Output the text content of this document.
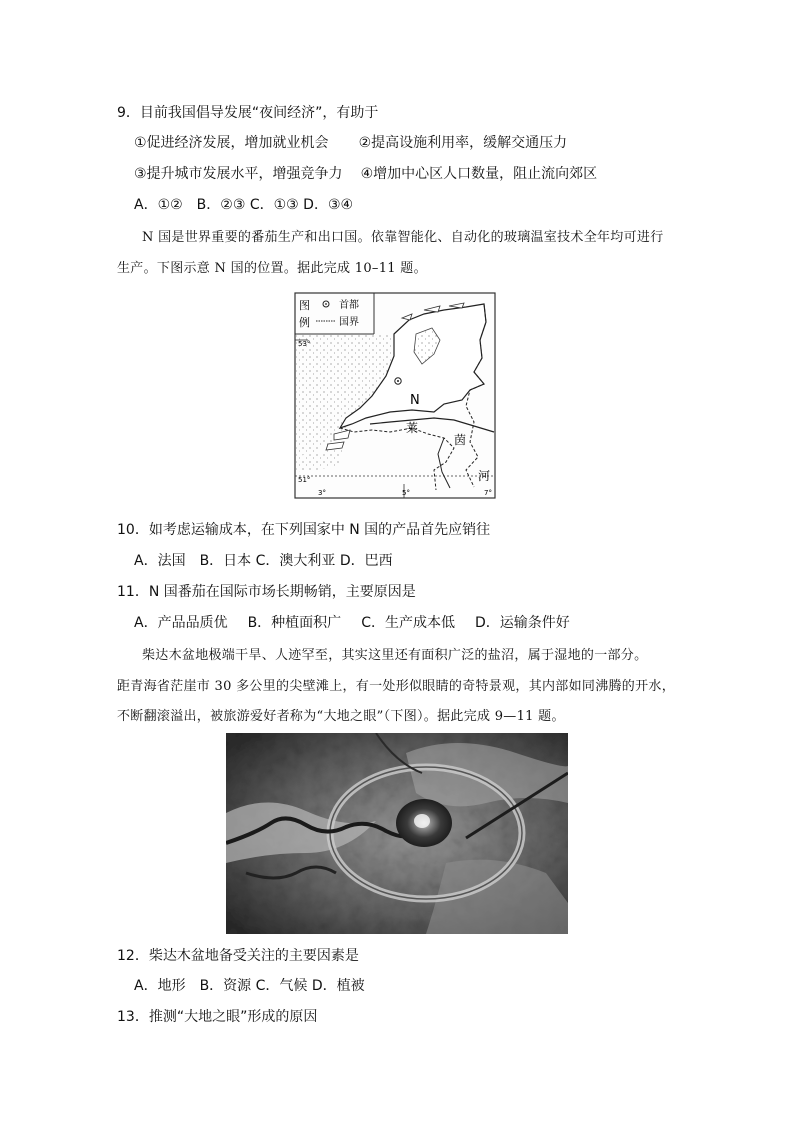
9．目前我国倡导发展“夜间经济”，有助于
①促进经济发展，增加就业机会 ②提高设施利用率，缓解交通压力
③提升城市发展水平，增强竞争力 ④增加中心区人口数量，阻止流向郊区
A．①②　B．②③ C．①③ D．③④
N 国是世界重要的番茄生产和出口国。依靠智能化、自动化的玻璃温室技术全年均可进行
生产。下图示意 N 国的位置。据此完成 10–11 题。
图
例
首都
国界
53°
51°
3°	5°	7°
N
莱
茵
河
10．如考虑运输成本，在下列国家中 N 国的产品首先应销往
A．法国　B．日本 C．澳大利亚 D．巴西
11．N 国番茄在国际市场长期畅销，主要原因是
A．产品品质优 B．种植面积广 C．生产成本低 D．运输条件好
柴达木盆地极端干旱、人迹罕至，其实这里还有面积广泛的盐沼，属于湿地的一部分。
距青海省茫崖市 30 多公里的尖壁滩上，有一处形似眼睛的奇特景观，其内部如同沸腾的开水，
不断翻滚溢出，被旅游爱好者称为“大地之眼”（下图）。据此完成 9—11 题。
12．柴达木盆地备受关注的主要因素是
A．地形　B．资源 C．气候 D．植被
13．推测“大地之眼”形成的原因
